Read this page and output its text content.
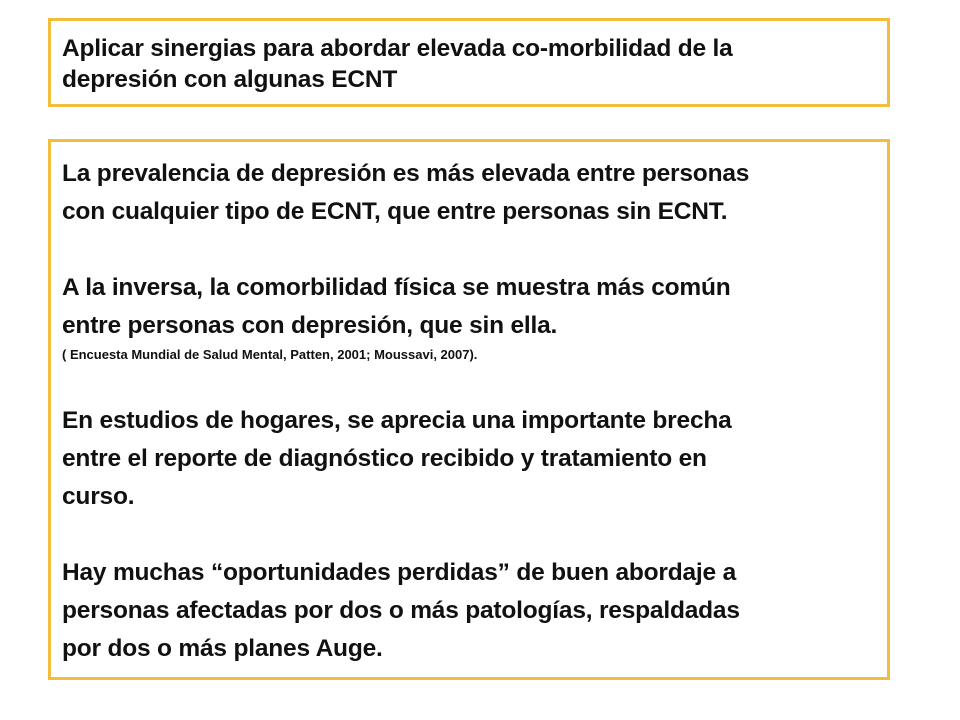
Aplicar sinergias para abordar elevada co-morbilidad de la
depresión con algunas ECNT
La prevalencia de depresión es más elevada entre personas
con cualquier tipo de ECNT, que entre personas sin ECNT.
A la inversa, la comorbilidad física se muestra más común
entre personas con depresión, que sin ella.
( Encuesta Mundial de Salud Mental, Patten, 2001; Moussavi, 2007).
En estudios de hogares, se aprecia una importante brecha
entre el reporte de diagnóstico recibido y tratamiento en
curso.
Hay muchas “oportunidades perdidas” de buen abordaje a
personas afectadas por dos o más patologías, respaldadas
por dos o más planes Auge.
